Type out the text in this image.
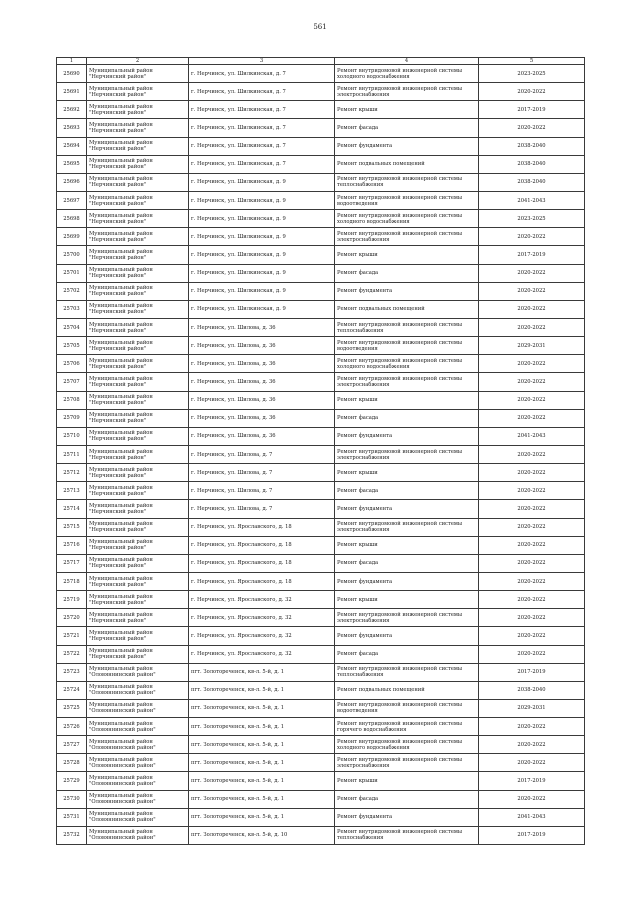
561
1	2	3	4	5
25690	Муниципальный район "Нерчинский район"	г. Нерчинск, ул. Шилкинская, д. 7	Ремонт внутридомовой инженерной системы холодного водоснабжения	2023-2025
25691	Муниципальный район "Нерчинский район"	г. Нерчинск, ул. Шилкинская, д. 7	Ремонт внутридомовой инженерной системы электроснабжения	2020-2022
25692	Муниципальный район "Нерчинский район"	г. Нерчинск, ул. Шилкинская, д. 7	Ремонт крыши	2017-2019
25693	Муниципальный район "Нерчинский район"	г. Нерчинск, ул. Шилкинская, д. 7	Ремонт фасада	2020-2022
25694	Муниципальный район "Нерчинский район"	г. Нерчинск, ул. Шилкинская, д. 7	Ремонт фундамента	2038-2040
25695	Муниципальный район "Нерчинский район"	г. Нерчинск, ул. Шилкинская, д. 7	Ремонт подвальных помещений	2038-2040
25696	Муниципальный район "Нерчинский район"	г. Нерчинск, ул. Шилкинская, д. 9	Ремонт внутридомовой инженерной системы теплоснабжения	2038-2040
25697	Муниципальный район "Нерчинский район"	г. Нерчинск, ул. Шилкинская, д. 9	Ремонт внутридомовой инженерной системы водоотведения	2041-2043
25698	Муниципальный район "Нерчинский район"	г. Нерчинск, ул. Шилкинская, д. 9	Ремонт внутридомовой инженерной системы холодного водоснабжения	2023-2025
25699	Муниципальный район "Нерчинский район"	г. Нерчинск, ул. Шилкинская, д. 9	Ремонт внутридомовой инженерной системы электроснабжения	2020-2022
25700	Муниципальный район "Нерчинский район"	г. Нерчинск, ул. Шилкинская, д. 9	Ремонт крыши	2017-2019
25701	Муниципальный район "Нерчинский район"	г. Нерчинск, ул. Шилкинская, д. 9	Ремонт фасада	2020-2022
25702	Муниципальный район "Нерчинский район"	г. Нерчинск, ул. Шилкинская, д. 9	Ремонт фундамента	2020-2022
25703	Муниципальный район "Нерчинский район"	г. Нерчинск, ул. Шилкинская, д. 9	Ремонт подвальных помещений	2020-2022
25704	Муниципальный район "Нерчинский район"	г. Нерчинск, ул. Шилова, д. 36	Ремонт внутридомовой инженерной системы теплоснабжения	2020-2022
25705	Муниципальный район "Нерчинский район"	г. Нерчинск, ул. Шилова, д. 36	Ремонт внутридомовой инженерной системы водоотведения	2029-2031
25706	Муниципальный район "Нерчинский район"	г. Нерчинск, ул. Шилова, д. 36	Ремонт внутридомовой инженерной системы холодного водоснабжения	2020-2022
25707	Муниципальный район "Нерчинский район"	г. Нерчинск, ул. Шилова, д. 36	Ремонт внутридомовой инженерной системы электроснабжения	2020-2022
25708	Муниципальный район "Нерчинский район"	г. Нерчинск, ул. Шилова, д. 36	Ремонт крыши	2020-2022
25709	Муниципальный район "Нерчинский район"	г. Нерчинск, ул. Шилова, д. 36	Ремонт фасада	2020-2022
25710	Муниципальный район "Нерчинский район"	г. Нерчинск, ул. Шилова, д. 36	Ремонт фундамента	2041-2043
25711	Муниципальный район "Нерчинский район"	г. Нерчинск, ул. Шилова, д. 7	Ремонт внутридомовой инженерной системы электроснабжения	2020-2022
25712	Муниципальный район "Нерчинский район"	г. Нерчинск, ул. Шилова, д. 7	Ремонт крыши	2020-2022
25713	Муниципальный район "Нерчинский район"	г. Нерчинск, ул. Шилова, д. 7	Ремонт фасада	2020-2022
25714	Муниципальный район "Нерчинский район"	г. Нерчинск, ул. Шилова, д. 7	Ремонт фундамента	2020-2022
25715	Муниципальный район "Нерчинский район"	г. Нерчинск, ул. Ярославского, д. 18	Ремонт внутридомовой инженерной системы электроснабжения	2020-2022
25716	Муниципальный район "Нерчинский район"	г. Нерчинск, ул. Ярославского, д. 18	Ремонт крыши	2020-2022
25717	Муниципальный район "Нерчинский район"	г. Нерчинск, ул. Ярославского, д. 18	Ремонт фасада	2020-2022
25718	Муниципальный район "Нерчинский район"	г. Нерчинск, ул. Ярославского, д. 18	Ремонт фундамента	2020-2022
25719	Муниципальный район "Нерчинский район"	г. Нерчинск, ул. Ярославского, д. 32	Ремонт крыши	2020-2022
25720	Муниципальный район "Нерчинский район"	г. Нерчинск, ул. Ярославского, д. 32	Ремонт внутридомовой инженерной системы электроснабжения	2020-2022
25721	Муниципальный район "Нерчинский район"	г. Нерчинск, ул. Ярославского, д. 32	Ремонт фундамента	2020-2022
25722	Муниципальный район "Нерчинский район"	г. Нерчинск, ул. Ярославского, д. 32	Ремонт фасада	2020-2022
25723	Муниципальный район "Оловяннинский район"	пгт. Золотореченск, кв-л. 5-й, д. 1	Ремонт внутридомовой инженерной системы теплоснабжения	2017-2019
25724	Муниципальный район "Оловяннинский район"	пгт. Золотореченск, кв-л. 5-й, д. 1	Ремонт подвальных помещений	2038-2040
25725	Муниципальный район "Оловяннинский район"	пгт. Золотореченск, кв-л. 5-й, д. 1	Ремонт внутридомовой инженерной системы водоотведения	2029-2031
25726	Муниципальный район "Оловяннинский район"	пгт. Золотореченск, кв-л. 5-й, д. 1	Ремонт внутридомовой инженерной системы горячего водоснабжения	2020-2022
25727	Муниципальный район "Оловяннинский район"	пгт. Золотореченск, кв-л. 5-й, д. 1	Ремонт внутридомовой инженерной системы холодного водоснабжения	2020-2022
25728	Муниципальный район "Оловяннинский район"	пгт. Золотореченск, кв-л. 5-й, д. 1	Ремонт внутридомовой инженерной системы электроснабжения	2020-2022
25729	Муниципальный район "Оловяннинский район"	пгт. Золотореченск, кв-л. 5-й, д. 1	Ремонт крыши	2017-2019
25730	Муниципальный район "Оловяннинский район"	пгт. Золотореченск, кв-л. 5-й, д. 1	Ремонт фасада	2020-2022
25731	Муниципальный район "Оловяннинский район"	пгт. Золотореченск, кв-л. 5-й, д. 1	Ремонт фундамента	2041-2043
25732	Муниципальный район "Оловяннинский район"	пгт. Золотореченск, кв-л. 5-й, д. 10	Ремонт внутридомовой инженерной системы теплоснабжения	2017-2019
